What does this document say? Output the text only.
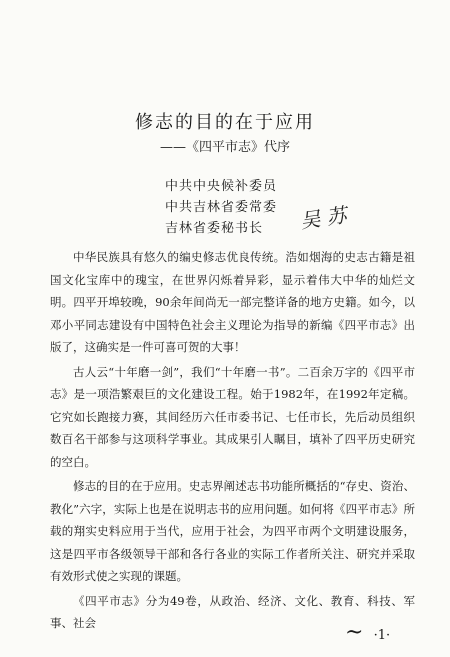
修志的目的在于应用
——《四平市志》代序
中共中央候补委员
中共吉林省委常委
吉林省委秘书长 吴 苏

中华民族具有悠久的编史修志优良传统。浩如烟海的史志古籍是祖国文化宝库中的瑰宝，在世界闪烁着异彩，显示着伟大中华的灿烂文明。四平开埠较晚，90余年间尚无一部完整详备的地方史籍。如今，以邓小平同志建设有中国特色社会主义理论为指导的新编《四平市志》出版了，这确实是一件可喜可贺的大事！

古人云“十年磨一剑”，我们“十年磨一书”。二百余万字的《四平市志》是一项浩繁艰巨的文化建设工程。始于1982年，在1992年定稿。它究如长跑接力赛，其间经历六任市委书记、七任市长，先后动员组织数百名干部参与这项科学事业。其成果引人瞩目，填补了四平历史研究的空白。

修志的目的在于应用。史志界阐述志书功能所概括的“存史、资治、教化”六字，实际上也是在说明志书的应用问题。如何将《四平市志》所载的翔实史料应用于当代，应用于社会，为四平市两个文明建设服务，这是四平市各级领导干部和各行各业的实际工作者所关注、研究并采取有效形式使之实现的课题。

《四平市志》分为49卷，从政治、经济、文化、教育、科技、军事、社会	~ ·1·
